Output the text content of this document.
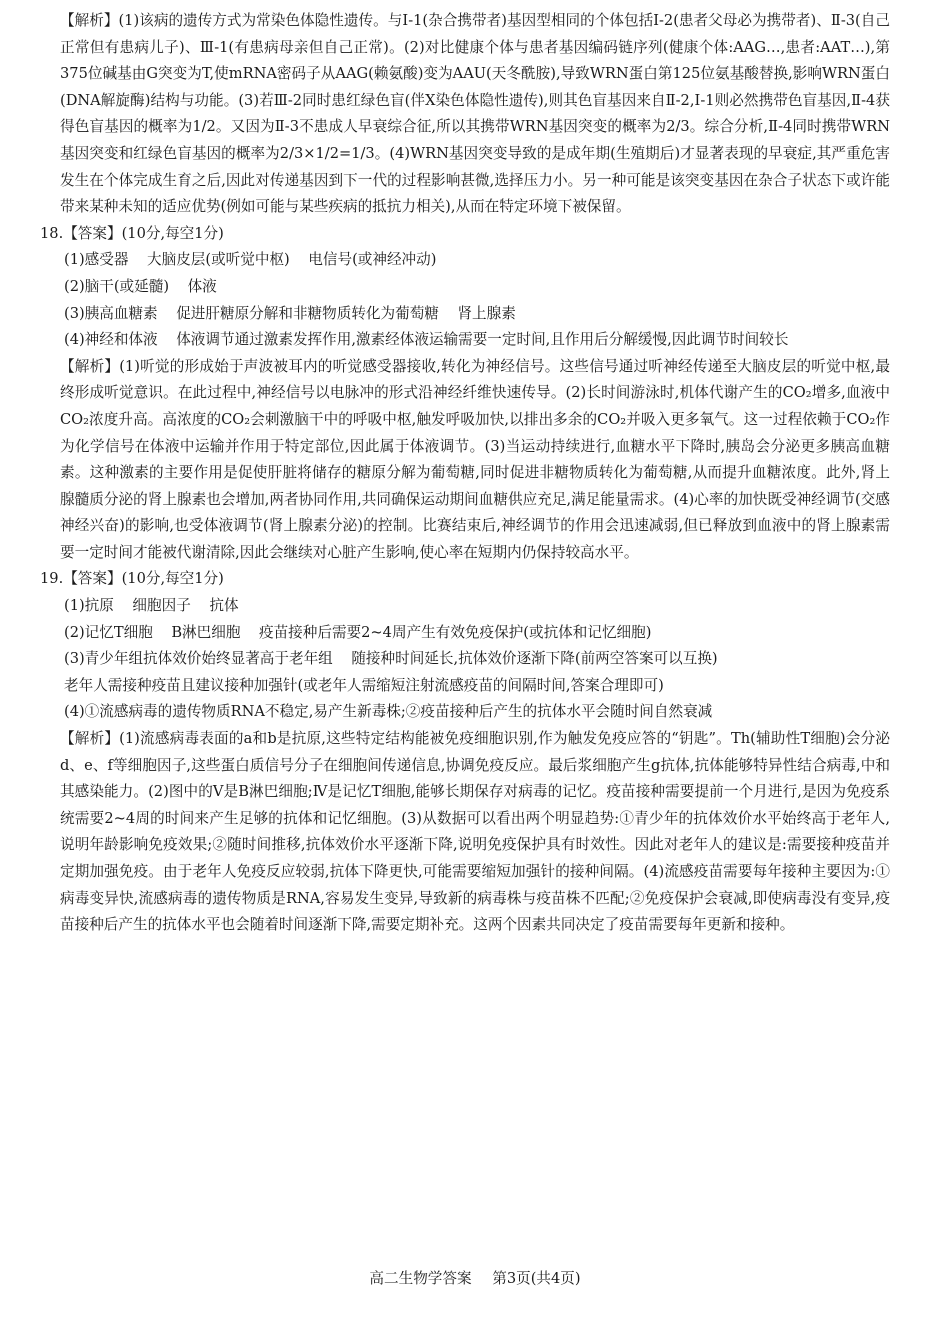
【解析】(1)该病的遗传方式为常染色体隐性遗传。与Ⅰ-1(杂合携带者)基因型相同的个体包括Ⅰ-2(患者父母必为携带者)、Ⅱ-3(自己正常但有患病儿子)、Ⅲ-1(有患病母亲但自己正常)。(2)对比健康个体与患者基因编码链序列(健康个体:AAG…,患者:AAT…),第375位碱基由G突变为T,使mRNA密码子从AAG(赖氨酸)变为AAU(天冬酰胺),导致WRN蛋白第125位氨基酸替换,影响WRN蛋白(DNA解旋酶)结构与功能。(3)若Ⅲ-2同时患红绿色盲(伴X染色体隐性遗传),则其色盲基因来自Ⅱ-2,Ⅰ-1则必然携带色盲基因,Ⅱ-4获得色盲基因的概率为1/2。又因为Ⅱ-3不患成人早衰综合征,所以其携带WRN基因突变的概率为2/3。综合分析,Ⅱ-4同时携带WRN基因突变和红绿色盲基因的概率为2/3×1/2=1/3。(4)WRN基因突变导致的是成年期(生殖期后)才显著表现的早衰症,其严重危害发生在个体完成生育之后,因此对传递基因到下一代的过程影响甚微,选择压力小。另一种可能是该突变基因在杂合子状态下或许能带来某种未知的适应优势(例如可能与某些疾病的抵抗力相关),从而在特定环境下被保留。

18.【答案】(10分,每空1分)

(1)感受器    大脑皮层(或听觉中枢)    电信号(或神经冲动)

(2)脑干(或延髓)    体液

(3)胰高血糖素    促进肝糖原分解和非糖物质转化为葡萄糖    肾上腺素

(4)神经和体液    体液调节通过激素发挥作用,激素经体液运输需要一定时间,且作用后分解缓慢,因此调节时间较长

【解析】(1)听觉的形成始于声波被耳内的听觉感受器接收,转化为神经信号。这些信号通过听神经传递至大脑皮层的听觉中枢,最终形成听觉意识。在此过程中,神经信号以电脉冲的形式沿神经纤维快速传导。(2)长时间游泳时,机体代谢产生的CO₂增多,血液中CO₂浓度升高。高浓度的CO₂会刺激脑干中的呼吸中枢,触发呼吸加快,以排出多余的CO₂并吸入更多氧气。这一过程依赖于CO₂作为化学信号在体液中运输并作用于特定部位,因此属于体液调节。(3)当运动持续进行,血糖水平下降时,胰岛会分泌更多胰高血糖素。这种激素的主要作用是促使肝脏将储存的糖原分解为葡萄糖,同时促进非糖物质转化为葡萄糖,从而提升血糖浓度。此外,肾上腺髓质分泌的肾上腺素也会增加,两者协同作用,共同确保运动期间血糖供应充足,满足能量需求。(4)心率的加快既受神经调节(交感神经兴奋)的影响,也受体液调节(肾上腺素分泌)的控制。比赛结束后,神经调节的作用会迅速减弱,但已释放到血液中的肾上腺素需要一定时间才能被代谢清除,因此会继续对心脏产生影响,使心率在短期内仍保持较高水平。

19.【答案】(10分,每空1分)

(1)抗原    细胞因子    抗体

(2)记忆T细胞    B淋巴细胞    疫苗接种后需要2~4周产生有效免疫保护(或抗体和记忆细胞)

(3)青少年组抗体效价始终显著高于老年组    随接种时间延长,抗体效价逐渐下降(前两空答案可以互换)

老年人需接种疫苗且建议接种加强针(或老年人需缩短注射流感疫苗的间隔时间,答案合理即可)

(4)①流感病毒的遗传物质RNA不稳定,易产生新毒株;②疫苗接种后产生的抗体水平会随时间自然衰减

【解析】(1)流感病毒表面的a和b是抗原,这些特定结构能被免疫细胞识别,作为触发免疫应答的“钥匙”。Th(辅助性T细胞)会分泌d、e、f等细胞因子,这些蛋白质信号分子在细胞间传递信息,协调免疫反应。最后浆细胞产生g抗体,抗体能够特异性结合病毒,中和其感染能力。(2)图中的Ⅴ是B淋巴细胞;Ⅳ是记忆T细胞,能够长期保存对病毒的记忆。疫苗接种需要提前一个月进行,是因为免疫系统需要2~4周的时间来产生足够的抗体和记忆细胞。(3)从数据可以看出两个明显趋势:①青少年的抗体效价水平始终高于老年人,说明年龄影响免疫效果;②随时间推移,抗体效价水平逐渐下降,说明免疫保护具有时效性。因此对老年人的建议是:需要接种疫苗并定期加强免疫。由于老年人免疫反应较弱,抗体下降更快,可能需要缩短加强针的接种间隔。(4)流感疫苗需要每年接种主要因为:①病毒变异快,流感病毒的遗传物质是RNA,容易发生变异,导致新的病毒株与疫苗株不匹配;②免疫保护会衰减,即使病毒没有变异,疫苗接种后产生的抗体水平也会随着时间逐渐下降,需要定期补充。这两个因素共同决定了疫苗需要每年更新和接种。

高二生物学答案 第3页(共4页)
